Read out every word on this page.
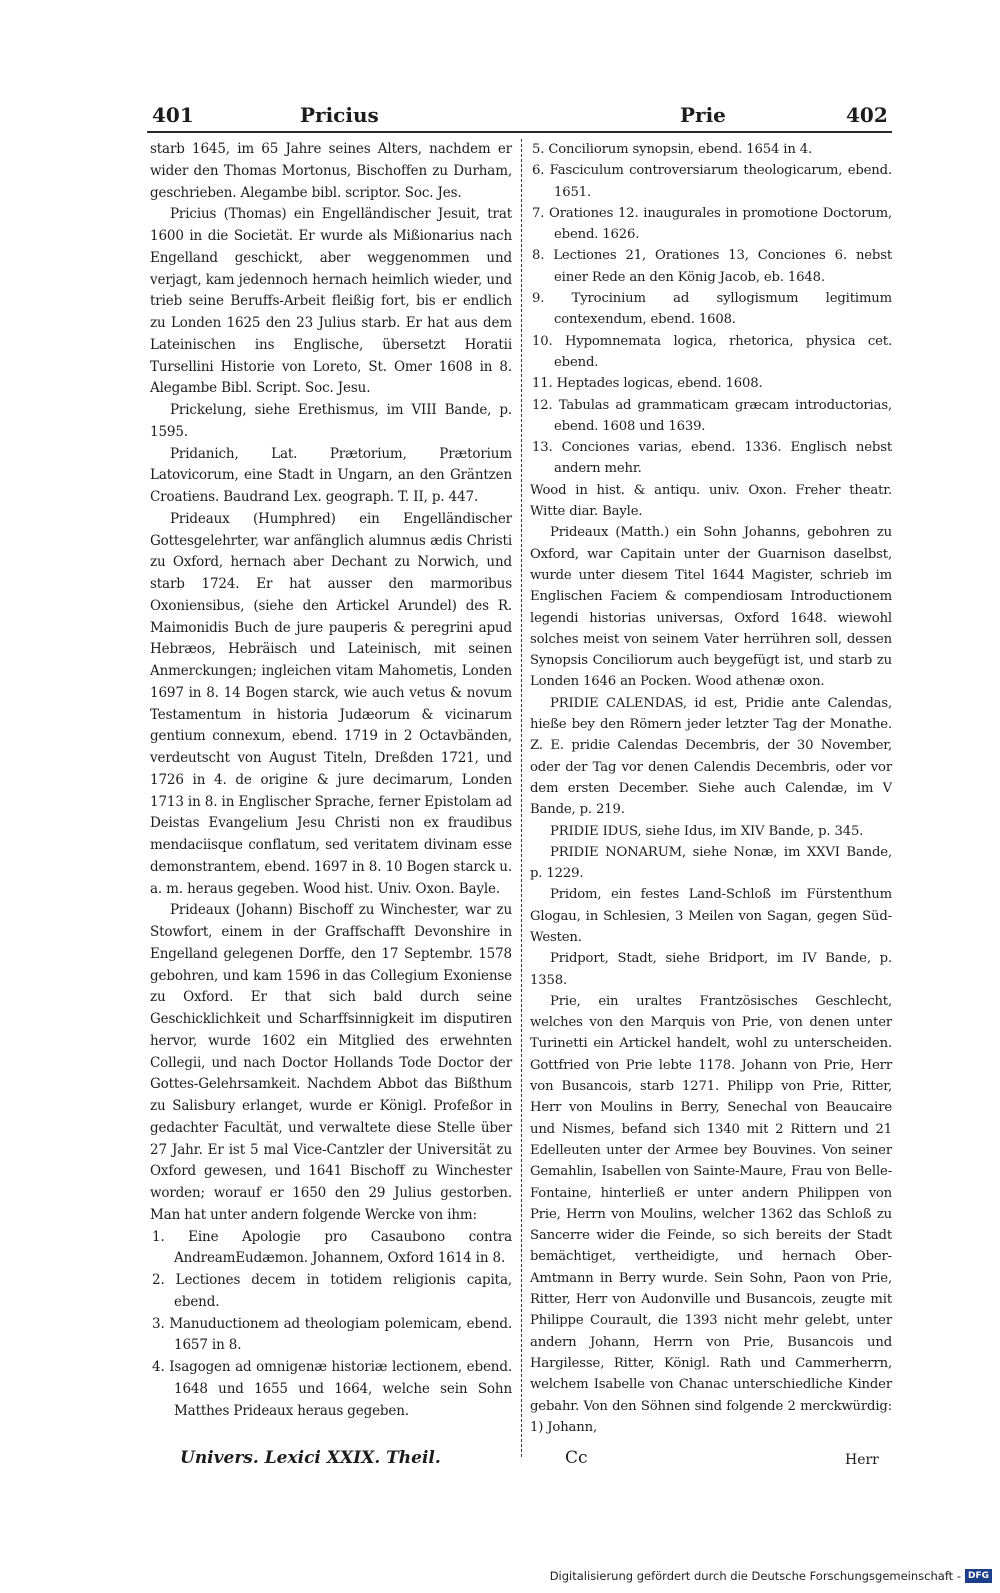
401	Pricius	Prie	402

starb 1645, im 65 Jahre seines Alters, nachdem er wider den Thomas Mortonus, Bischoffen zu Durham, geschrieben. Alegambe bibl. scriptor. Soc. Jes.

Pricius (Thomas) ein Engelländischer Jesuit, trat 1600 in die Societät. Er wurde als Mißionarius nach Engelland geschickt, aber weggenommen und verjagt, kam jedennoch hernach heimlich wieder, und trieb seine Beruffs-Arbeit fleißig fort, bis er endlich zu Londen 1625 den 23 Julius starb. Er hat aus dem Lateinischen ins Englische, übersetzt Horatii Tursellini Historie von Loreto, St. Omer 1608 in 8. Alegambe Bibl. Script. Soc. Jesu.

Prickelung, siehe Erethismus, im VIII Bande, p. 1595.

Pridanich, Lat. Prætorium, Prætorium Latovicorum, eine Stadt in Ungarn, an den Gräntzen Croatiens. Baudrand Lex. geograph. T. II, p. 447.

Prideaux (Humphred) ein Engelländischer Gottesgelehrter, war anfänglich alumnus ædis Christi zu Oxford, hernach aber Dechant zu Norwich, und starb 1724. Er hat ausser den marmoribus Oxoniensibus, (siehe den Artickel Arundel) des R. Maimonidis Buch de jure pauperis & peregrini apud Hebræos, Hebräisch und Lateinisch, mit seinen Anmerckungen; ingleichen vitam Mahometis, Londen 1697 in 8. 14 Bogen starck, wie auch vetus & novum Testamentum in historia Judæorum & vicinarum gentium connexum, ebend. 1719 in 2 Octavbänden, verdeutscht von August Titeln, Dreßden 1721, und 1726 in 4. de origine & jure decimarum, Londen 1713 in 8. in Englischer Sprache, ferner Epistolam ad Deistas Evangelium Jesu Christi non ex fraudibus mendaciisque conflatum, sed veritatem divinam esse demonstrantem, ebend. 1697 in 8. 10 Bogen starck u. a. m. heraus gegeben. Wood hist. Univ. Oxon. Bayle.

Prideaux (Johann) Bischoff zu Winchester, war zu Stowfort, einem in der Graffschafft Devonshire in Engelland gelegenen Dorffe, den 17 Septembr. 1578 gebohren, und kam 1596 in das Collegium Exoniense zu Oxford. Er that sich bald durch seine Geschicklichkeit und Scharffsinnigkeit im disputiren hervor, wurde 1602 ein Mitglied des erwehnten Collegii, und nach Doctor Hollands Tode Doctor der Gottes-Gelehrsamkeit. Nachdem Abbot das Bißthum zu Salisbury erlanget, wurde er Königl. Profeßor in gedachter Facultät, und verwaltete diese Stelle über 27 Jahr. Er ist 5 mal Vice-Cantzler der Universität zu Oxford gewesen, und 1641 Bischoff zu Winchester worden; worauf er 1650 den 29 Julius gestorben. Man hat unter andern folgende Wercke von ihm:

1. Eine Apologie pro Casaubono contra AndreamEudæmon. Johannem, Oxford 1614 in 8.

2. Lectiones decem in totidem religionis capita, ebend.

3. Manuductionem ad theologiam polemicam, ebend. 1657 in 8.

4. Isagogen ad omnigenæ historiæ lectionem, ebend. 1648 und 1655 und 1664, welche sein Sohn Matthes Prideaux heraus gegeben.

5. Conciliorum synopsin, ebend. 1654 in 4.

6. Fasciculum controversiarum theologicarum, ebend. 1651.

7. Orationes 12. inaugurales in promotione Doctorum, ebend. 1626.

8. Lectiones 21, Orationes 13, Conciones 6. nebst einer Rede an den König Jacob, eb. 1648.

9. Tyrocinium ad syllogismum legitimum contexendum, ebend. 1608.

10. Hypomnemata logica, rhetorica, physica cet. ebend.

11. Heptades logicas, ebend. 1608.

12. Tabulas ad grammaticam græcam introductorias, ebend. 1608 und 1639.

13. Conciones varias, ebend. 1336. Englisch nebst andern mehr.

Wood in hist. & antiqu. univ. Oxon. Freher theatr. Witte diar. Bayle.

Prideaux (Matth.) ein Sohn Johanns, gebohren zu Oxford, war Capitain unter der Guarnison daselbst, wurde unter diesem Titel 1644 Magister, schrieb im Englischen Faciem & compendiosam Introductionem legendi historias universas, Oxford 1648. wiewohl solches meist von seinem Vater herrühren soll, dessen Synopsis Conciliorum auch beygefügt ist, und starb zu Londen 1646 an Pocken. Wood athenæ oxon.

PRIDIE CALENDAS, id est, Pridie ante Calendas, hieße bey den Römern jeder letzter Tag der Monathe. Z. E. pridie Calendas Decembris, der 30 November, oder der Tag vor denen Calendis Decembris, oder vor dem ersten December. Siehe auch Calendæ, im V Bande, p. 219.

PRIDIE IDUS, siehe Idus, im XIV Bande, p. 345.

PRIDIE NONARUM, siehe Nonæ, im XXVI Bande, p. 1229.

Pridom, ein festes Land-Schloß im Fürstenthum Glogau, in Schlesien, 3 Meilen von Sagan, gegen Süd-Westen.

Pridport, Stadt, siehe Bridport, im IV Bande, p. 1358.

Prie, ein uraltes Frantzösisches Geschlecht, welches von den Marquis von Prie, von denen unter Turinetti ein Artickel handelt, wohl zu unterscheiden. Gottfried von Prie lebte 1178. Johann von Prie, Herr von Busancois, starb 1271. Philipp von Prie, Ritter, Herr von Moulins in Berry, Senechal von Beaucaire und Nismes, befand sich 1340 mit 2 Rittern und 21 Edelleuten unter der Armee bey Bouvines. Von seiner Gemahlin, Isabellen von Sainte-Maure, Frau von Belle-Fontaine, hinterließ er unter andern Philippen von Prie, Herrn von Moulins, welcher 1362 das Schloß zu Sancerre wider die Feinde, so sich bereits der Stadt bemächtiget, vertheidigte, und hernach Ober-Amtmann in Berry wurde. Sein Sohn, Paon von Prie, Ritter, Herr von Audonville und Busancois, zeugte mit Philippe Courault, die 1393 nicht mehr gelebt, unter andern Johann, Herrn von Prie, Busancois und Hargilesse, Ritter, Königl. Rath und Cammerherrn, welchem Isabelle von Chanac unterschiedliche Kinder gebahr. Von den Söhnen sind folgende 2 merckwürdig: 1) Johann,

Univers. Lexici XXIX. Theil.	Cc	Herr
Digitalisierung gefördert durch die Deutsche Forschungsgemeinschaft - DFG
